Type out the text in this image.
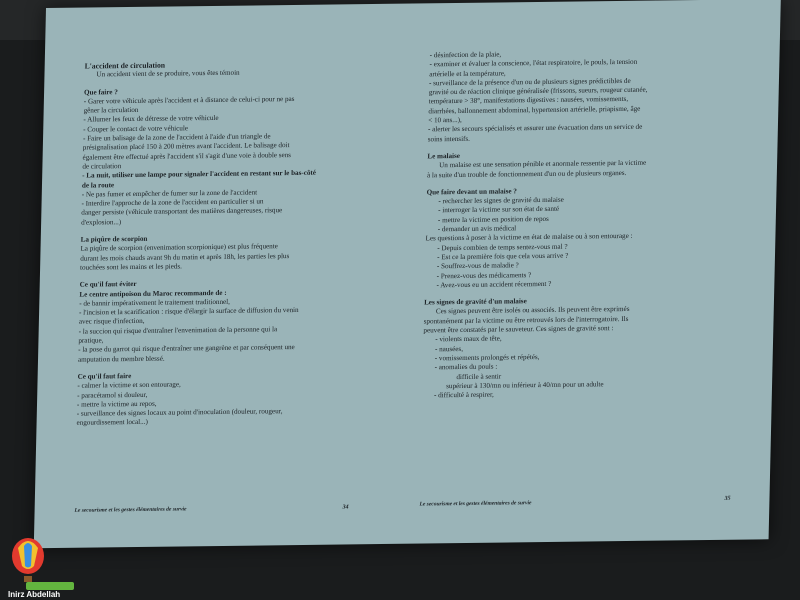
L'accident de circulation
Un accident vient de se produire, vous êtes témoin
Que faire ?
- Garer votre véhicule après l'accident et à distance de celui-ci pour ne pas
gêner la circulation
- Allumer les feux de détresse de votre véhicule
- Couper le contact de votre véhicule
- Faire un balisage de la zone de l'accident à l'aide d'un triangle de
présignalisation placé 150 à 200 mètres avant l'accident. Le balisage doit
également être effectué après l'accident s'il s'agit d'une voie à double sens
de circulation
- La nuit, utiliser une lampe pour signaler l'accident en restant sur le bas-côté
de la route
- Ne pas fumer et empêcher de fumer sur la zone de l'accident
- Interdire l'approche de la zone de l'accident en particulier si un
danger persiste (véhicule transportant des matières dangereuses, risque
d'explosion...)
La piqûre de scorpion
La piqûre de scorpion (envenimation scorpionique) est plus fréquente
durant les mois chauds avant 9h du matin et après 18h, les parties les plus
touchées sont les mains et les pieds.
Ce qu'il faut éviter
Le centre antipoison du Maroc recommande de :
- de bannir impérativement le traitement traditionnel,
- l'incision et la scarification : risque d'élargir la surface de diffusion du venin
avec risque d'infection,
- la succion qui risque d'entraîner l'envenimation de la personne qui la
pratique,
- la pose du garrot qui risque d'entraîner une gangrène et par conséquent une
amputation du membre blessé.
Ce qu'il faut faire
- calmer la victime et son entourage,
- paracétamol si douleur,
- mettre la victime au repos,
- surveillance des signes locaux au point d'inoculation (douleur, rougeur,
engourdissement local...)
Le secourisme et les gestes élémentaires de survie	34
- désinfection de la plaie,
- examiner et évaluer la conscience, l'état respiratoire, le pouls, la tension
artérielle et la température,
- surveillance de la présence d'un ou de plusieurs signes prédictibles de
gravité ou de réaction clinique généralisée (frissons, sueurs, rougeur cutanée,
température > 38°, manifestations digestives : nausées, vomissements,
diarrhées, ballonnement abdominal, hypertension artérielle, priapisme, âge
< 10 ans...),
- alerter les secours spécialisés et assurer une évacuation dans un service de
soins intensifs.
Le malaise
Un malaise est une sensation pénible et anormale ressentie par la victime
à la suite d'un trouble de fonctionnement d'un ou de plusieurs organes.
Que faire devant un malaise ?
- rechercher les signes de gravité du malaise
- interroger la victime sur son état de santé
- mettre la victime en position de repos
- demander un avis médical
Les questions à poser à la victime en état de malaise ou à son entourage :
- Depuis combien de temps sentez-vous mal ?
- Est ce la première fois que cela vous arrive ?
- Souffrez-vous de maladie ?
- Prenez-vous des médicaments ?
- Avez-vous eu un accident récemment ?
Les signes de gravité d'un malaise
Ces signes peuvent être isolés ou associés. Ils peuvent être exprimés
spontanément par la victime ou être retrouvés lors de l'interrogatoire. Ils
peuvent être constatés par le sauveteur. Ces signes de gravité sont :
- violents maux de tête,
- nausées,
- vomissements prolongés et répétés,
- anomalies du pouls :
difficile à sentir
supérieur à 130/mn ou inférieur à 40/mn pour un adulte
- difficulté à respirer,
Le secourisme et les gestes élémentaires de survie
35
Inirz Abdellah
